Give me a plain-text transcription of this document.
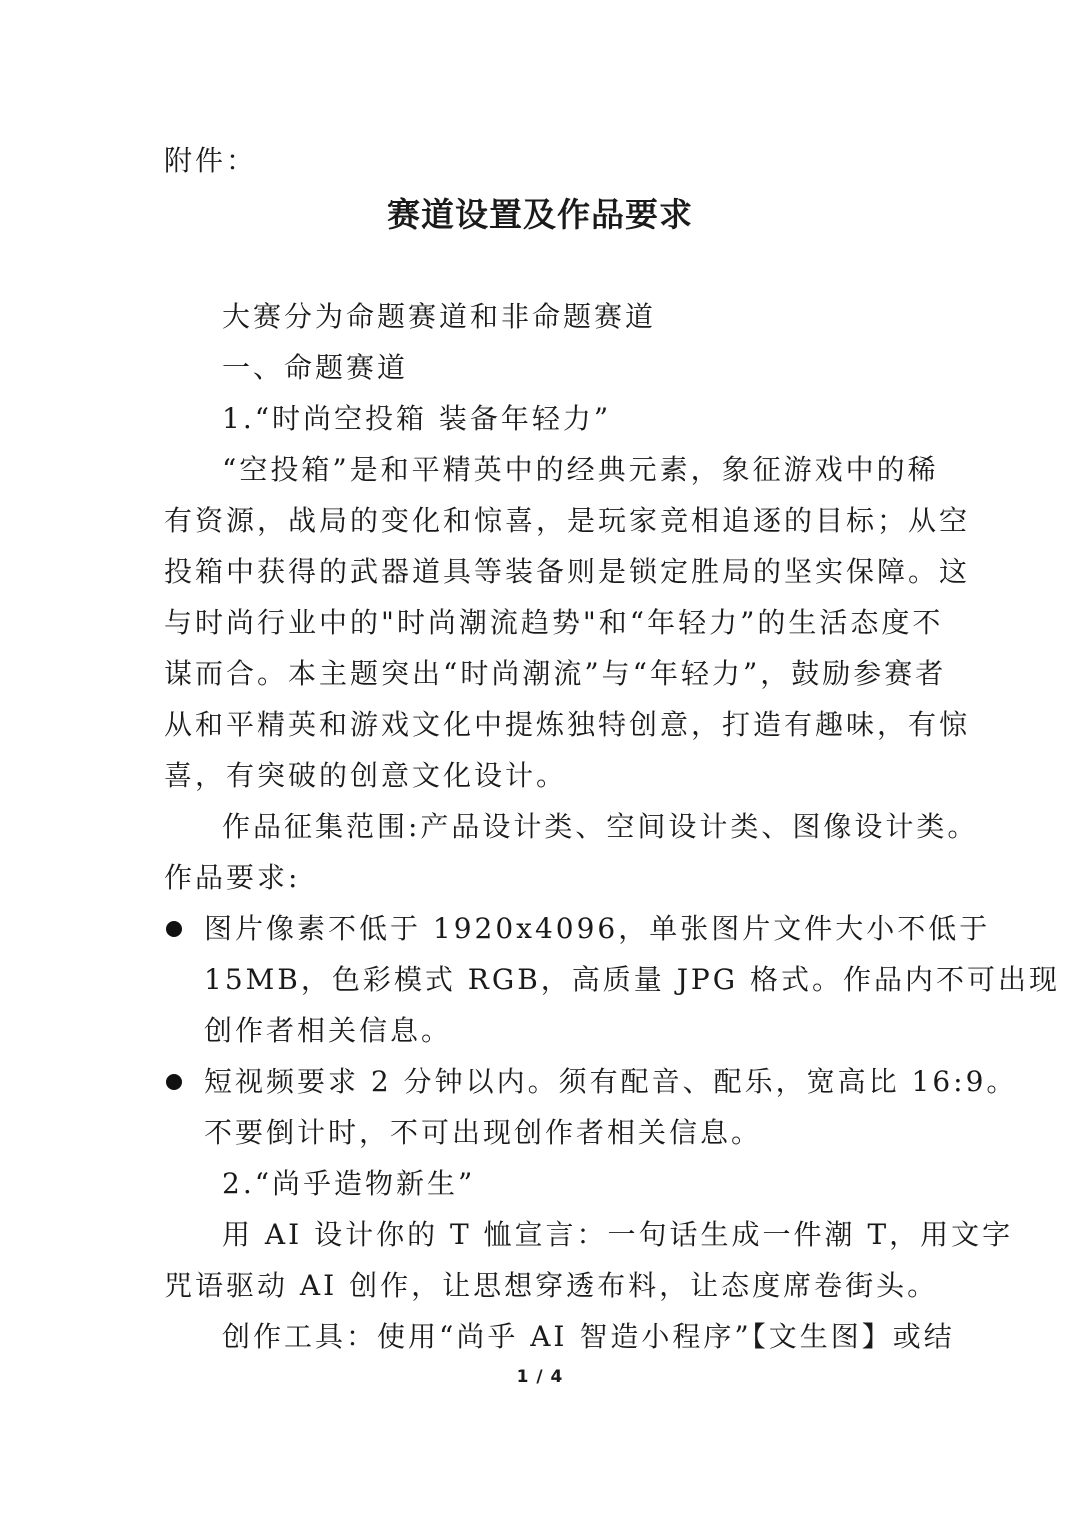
附件：
赛道设置及作品要求
大赛分为命题赛道和非命题赛道
一、命题赛道
1.“时尚空投箱 装备年轻力”
“空投箱”是和平精英中的经典元素，象征游戏中的稀
有资源，战局的变化和惊喜，是玩家竞相追逐的目标；从空
投箱中获得的武器道具等装备则是锁定胜局的坚实保障。这
与时尚行业中的"时尚潮流趋势"和“年轻力”的生活态度不
谋而合。本主题突出“时尚潮流”与“年轻力”，鼓励参赛者
从和平精英和游戏文化中提炼独特创意，打造有趣味，有惊
喜，有突破的创意文化设计。
作品征集范围:产品设计类、空间设计类、图像设计类。
作品要求:
图片像素不低于 1920x4096，单张图片文件大小不低于
15MB，色彩模式 RGB，高质量 JPG 格式。作品内不可出现
创作者相关信息。
短视频要求 2 分钟以内。须有配音、配乐，宽高比 16:9。
不要倒计时，不可出现创作者相关信息。
2.“尚乎造物新生”
用 AI 设计你的 T 恤宣言：一句话生成一件潮 T，用文字
咒语驱动 AI 创作，让思想穿透布料，让态度席卷街头。
创作工具：使用“尚乎 AI 智造小程序”【文生图】或结
1 / 4
